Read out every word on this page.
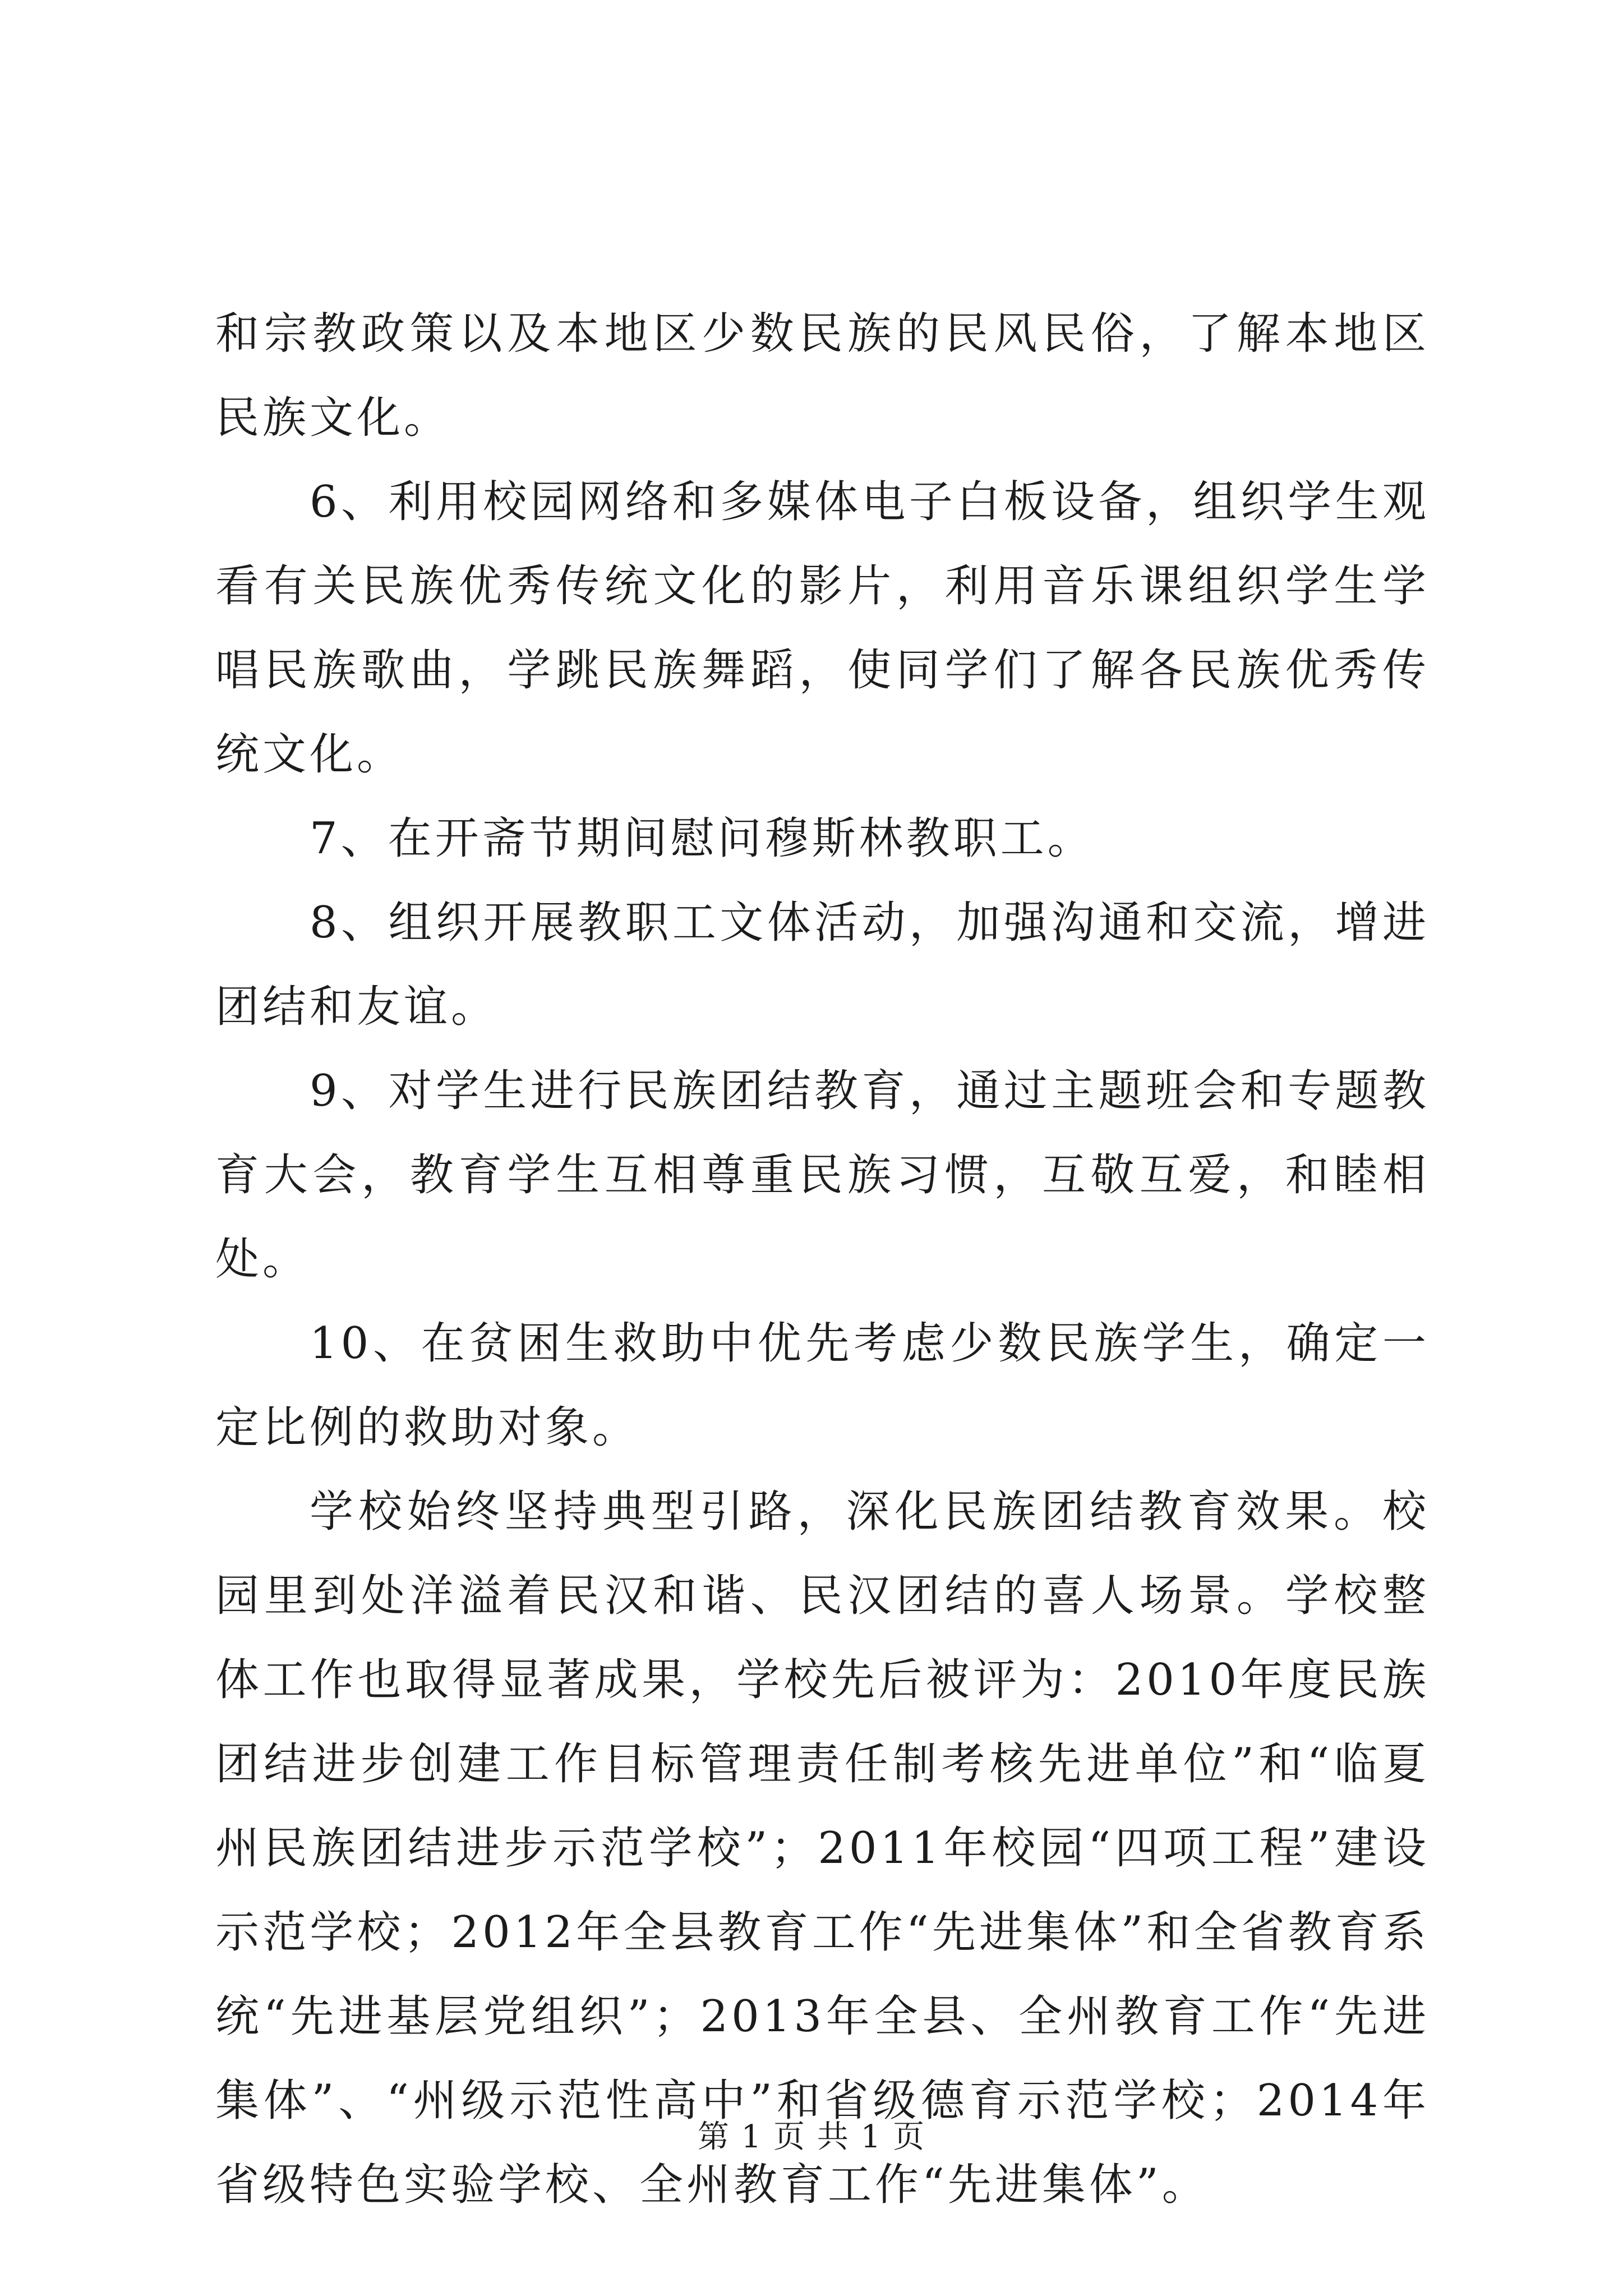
和宗教政策以及本地区少数民族的民风民俗，了解本地区民族文化。

6、利用校园网络和多媒体电子白板设备，组织学生观看有关民族优秀传统文化的影片，利用音乐课组织学生学唱民族歌曲，学跳民族舞蹈，使同学们了解各民族优秀传统文化。

7、在开斋节期间慰问穆斯林教职工。

8、组织开展教职工文体活动，加强沟通和交流，增进团结和友谊。

9、对学生进行民族团结教育，通过主题班会和专题教育大会，教育学生互相尊重民族习惯，互敬互爱，和睦相处。

10、在贫困生救助中优先考虑少数民族学生，确定一定比例的救助对象。

学校始终坚持典型引路，深化民族团结教育效果。校园里到处洋溢着民汉和谐、民汉团结的喜人场景。学校整体工作也取得显著成果，学校先后被评为：2010年度民族团结进步创建工作目标管理责任制考核先进单位”和“临夏州民族团结进步示范学校”；2011年校园“四项工程”建设示范学校；2012年全县教育工作“先进集体”和全省教育系统“先进基层党组织”；2013年全县、全州教育工作“先进集体”、“州级示范性高中”和省级德育示范学校；2014年省级特色实验学校、全州教育工作“先进集体”。

第 1 页 共 1 页
